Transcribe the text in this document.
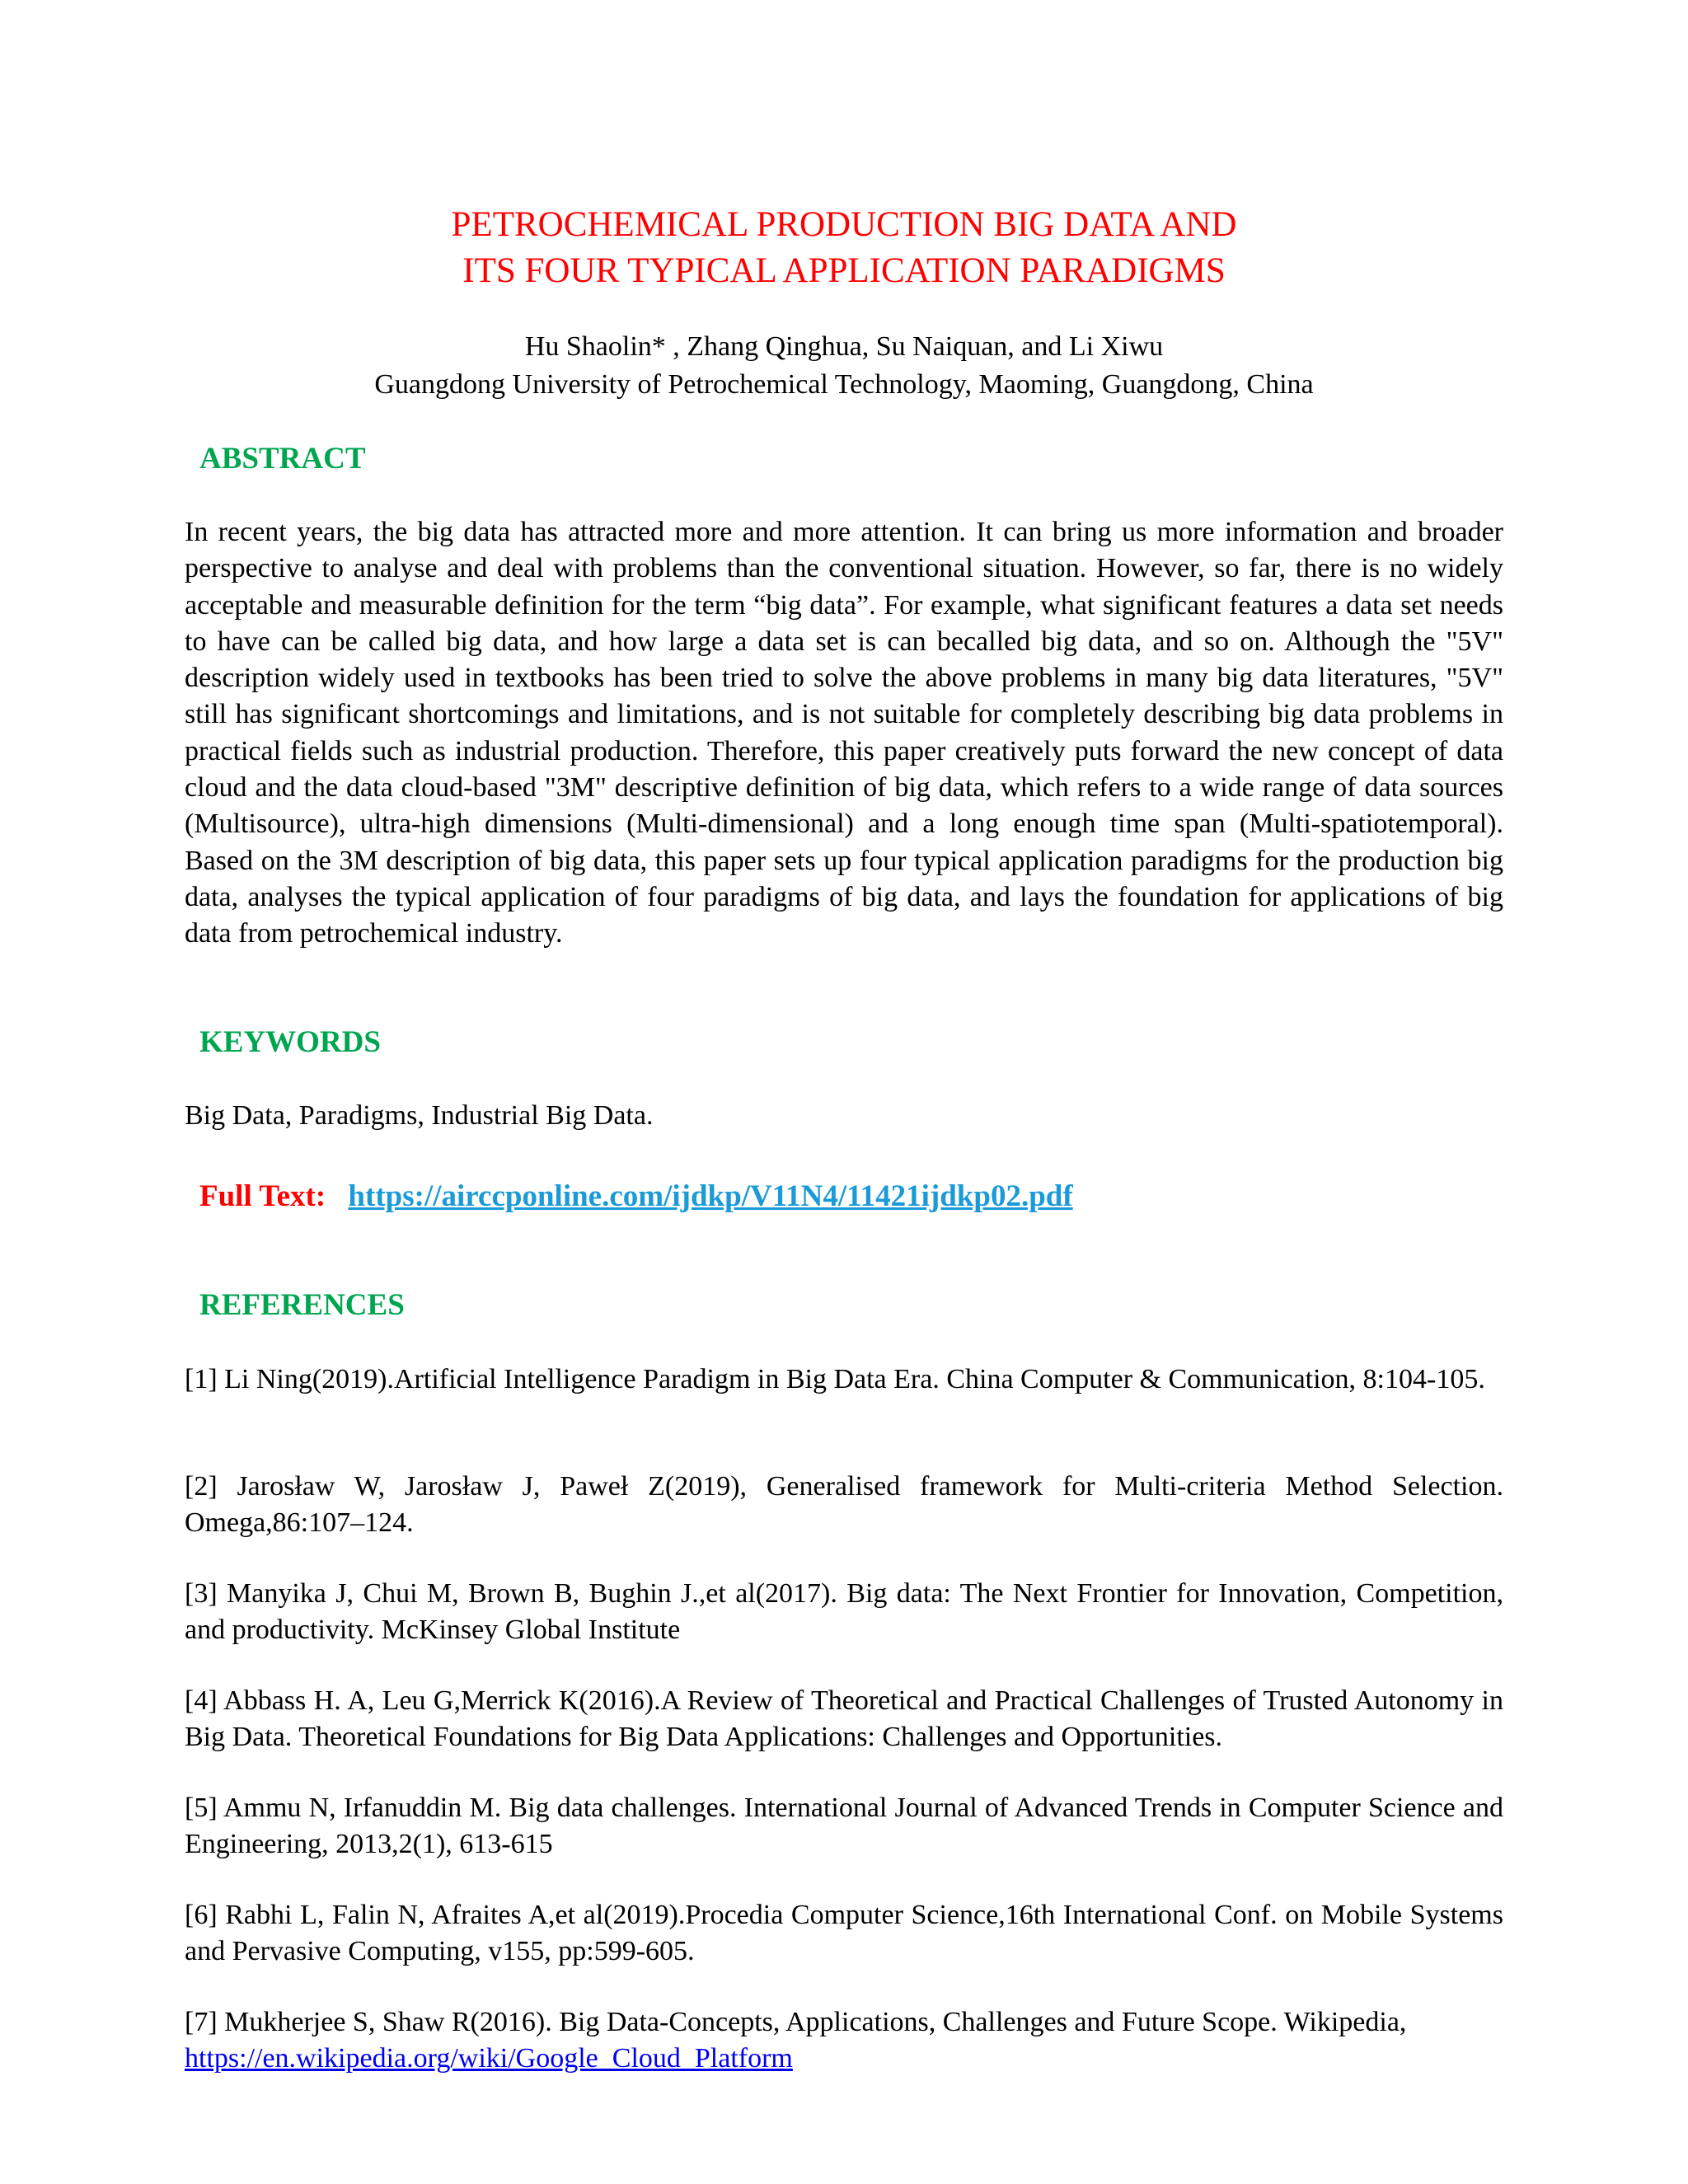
PETROCHEMICAL PRODUCTION BIG DATA AND
ITS FOUR TYPICAL APPLICATION PARADIGMS
Hu Shaolin* , Zhang Qinghua, Su Naiquan, and Li Xiwu
Guangdong University of Petrochemical Technology, Maoming, Guangdong, China
ABSTRACT
In recent years, the big data has attracted more and more attention. It can bring us more information and broader perspective to analyse and deal with problems than the conventional situation. However, so far, there is no widely acceptable and measurable definition for the term “big data”. For example, what significant features a data set needs to have can be called big data, and how large a data set is can becalled big data, and so on. Although the "5V" description widely used in textbooks has been tried to solve the above problems in many big data literatures, "5V" still has significant shortcomings and limitations, and is not suitable for completely describing big data problems in practical fields such as industrial production. Therefore, this paper creatively puts forward the new concept of data cloud and the data cloud-based "3M" descriptive definition of big data, which refers to a wide range of data sources (Multisource), ultra-high dimensions (Multi-dimensional) and a long enough time span (Multi-spatiotemporal). Based on the 3M description of big data, this paper sets up four typical application paradigms for the production big data, analyses the typical application of four paradigms of big data, and lays the foundation for applications of big data from petrochemical industry.
KEYWORDS
Big Data, Paradigms, Industrial Big Data.
Full Text: https://airccponline.com/ijdkp/V11N4/11421ijdkp02.pdf
REFERENCES
[1] Li Ning(2019).Artificial Intelligence Paradigm in Big Data Era. China Computer & Communication, 8:104-105.
[2] Jarosław W, Jarosław J, Paweł Z(2019), Generalised framework for Multi-criteria Method Selection. Omega,86:107–124.
[3] Manyika J, Chui M, Brown B, Bughin J.,et al(2017). Big data: The Next Frontier for Innovation, Competition, and productivity. McKinsey Global Institute
[4] Abbass H. A, Leu G,Merrick K(2016).A Review of Theoretical and Practical Challenges of Trusted Autonomy in Big Data. Theoretical Foundations for Big Data Applications: Challenges and Opportunities.
[5] Ammu N, Irfanuddin M. Big data challenges. International Journal of Advanced Trends in Computer Science and Engineering, 2013,2(1), 613-615
[6] Rabhi L, Falin N, Afraites A,et al(2019).Procedia Computer Science,16th International Conf. on Mobile Systems and Pervasive Computing, v155, pp:599-605.
[7] Mukherjee S, Shaw R(2016). Big Data-Concepts, Applications, Challenges and Future Scope. Wikipedia,
https://en.wikipedia.org/wiki/Google_Cloud_Platform
